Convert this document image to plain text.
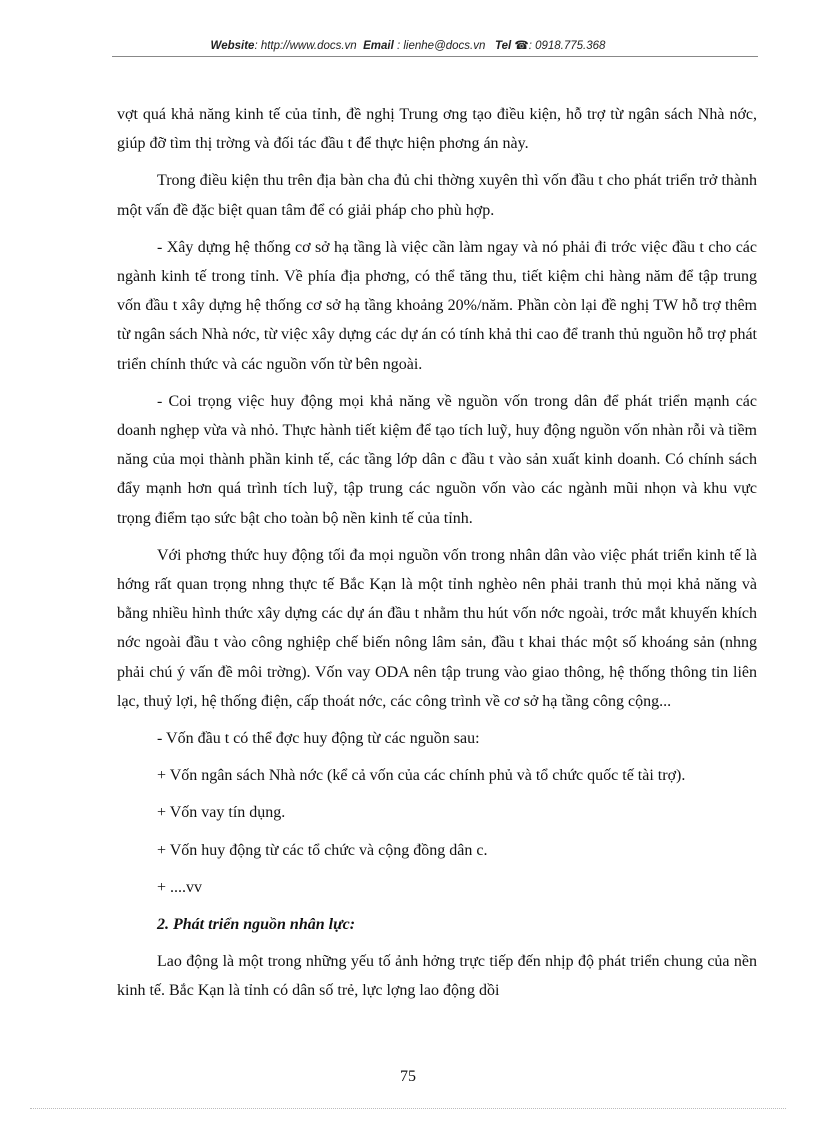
Website: http://www.docs.vn Email : lienhe@docs.vn Tel ☎: 0918.775.368

vợt quá khả năng kinh tế của tỉnh, đề nghị Trung ơng tạo điều kiện, hỗ trợ từ ngân sách Nhà nớc, giúp đỡ tìm thị trờng và đối tác đầu t để thực hiện phơng án này.

Trong điều kiện thu trên địa bàn cha đủ chi thờng xuyên thì vốn đầu t cho phát triển trở thành một vấn đề đặc biệt quan tâm để có giải pháp cho phù hợp.

- Xây dựng hệ thống cơ sở hạ tầng là việc cần làm ngay và nó phải đi trớc việc đầu t cho các ngành kinh tế trong tỉnh. Về phía địa phơng, có thể tăng thu, tiết kiệm chi hàng năm để tập trung vốn đầu t xây dựng hệ thống cơ sở hạ tầng khoảng 20%/năm. Phần còn lại đề nghị TW hỗ trợ thêm từ ngân sách Nhà nớc, từ việc xây dựng các dự án có tính khả thi cao để tranh thủ nguồn hỗ trợ phát triển chính thức và các nguồn vốn từ bên ngoài.

- Coi trọng việc huy động mọi khả năng về nguồn vốn trong dân để phát triển mạnh các doanh nghẹp vừa và nhỏ. Thực hành tiết kiệm để tạo tích luỹ, huy động nguồn vốn nhàn rỗi và tiềm năng của mọi thành phần kinh tế, các tầng lớp dân c đầu t vào sản xuất kinh doanh. Có chính sách đẩy mạnh hơn quá trình tích luỹ, tập trung các nguồn vốn vào các ngành mũi nhọn và khu vực trọng điểm tạo sức bật cho toàn bộ nền kinh tế của tỉnh.

Với phơng thức huy động tối đa mọi nguồn vốn trong nhân dân vào việc phát triển kinh tế là hớng rất quan trọng nhng thực tế Bắc Kạn là một tỉnh nghèo nên phải tranh thủ mọi khả năng và bằng nhiều hình thức xây dựng các dự án đầu t nhằm thu hút vốn nớc ngoài, trớc mắt khuyến khích nớc ngoài đầu t vào công nghiệp chế biến nông lâm sản, đầu t khai thác một số khoáng sản (nhng phải chú ý vấn đề môi trờng). Vốn vay ODA nên tập trung vào giao thông, hệ thống thông tin liên lạc, thuỷ lợi, hệ thống điện, cấp thoát nớc, các công trình về cơ sở hạ tầng công cộng...

- Vốn đầu t có thể đợc huy động từ các nguồn sau:

+ Vốn ngân sách Nhà nớc (kể cả vốn của các chính phủ và tổ chức quốc tế tài trợ).

+ Vốn vay tín dụng.

+ Vốn huy động từ các tổ chức và cộng đồng dân c.

+ ....vv

2. Phát triển nguồn nhân lực:

Lao động là một trong những yếu tố ảnh hởng trực tiếp đến nhịp độ phát triển chung của nền kinh tế. Bắc Kạn là tỉnh có dân số trẻ, lực lợng lao động dồi

75
